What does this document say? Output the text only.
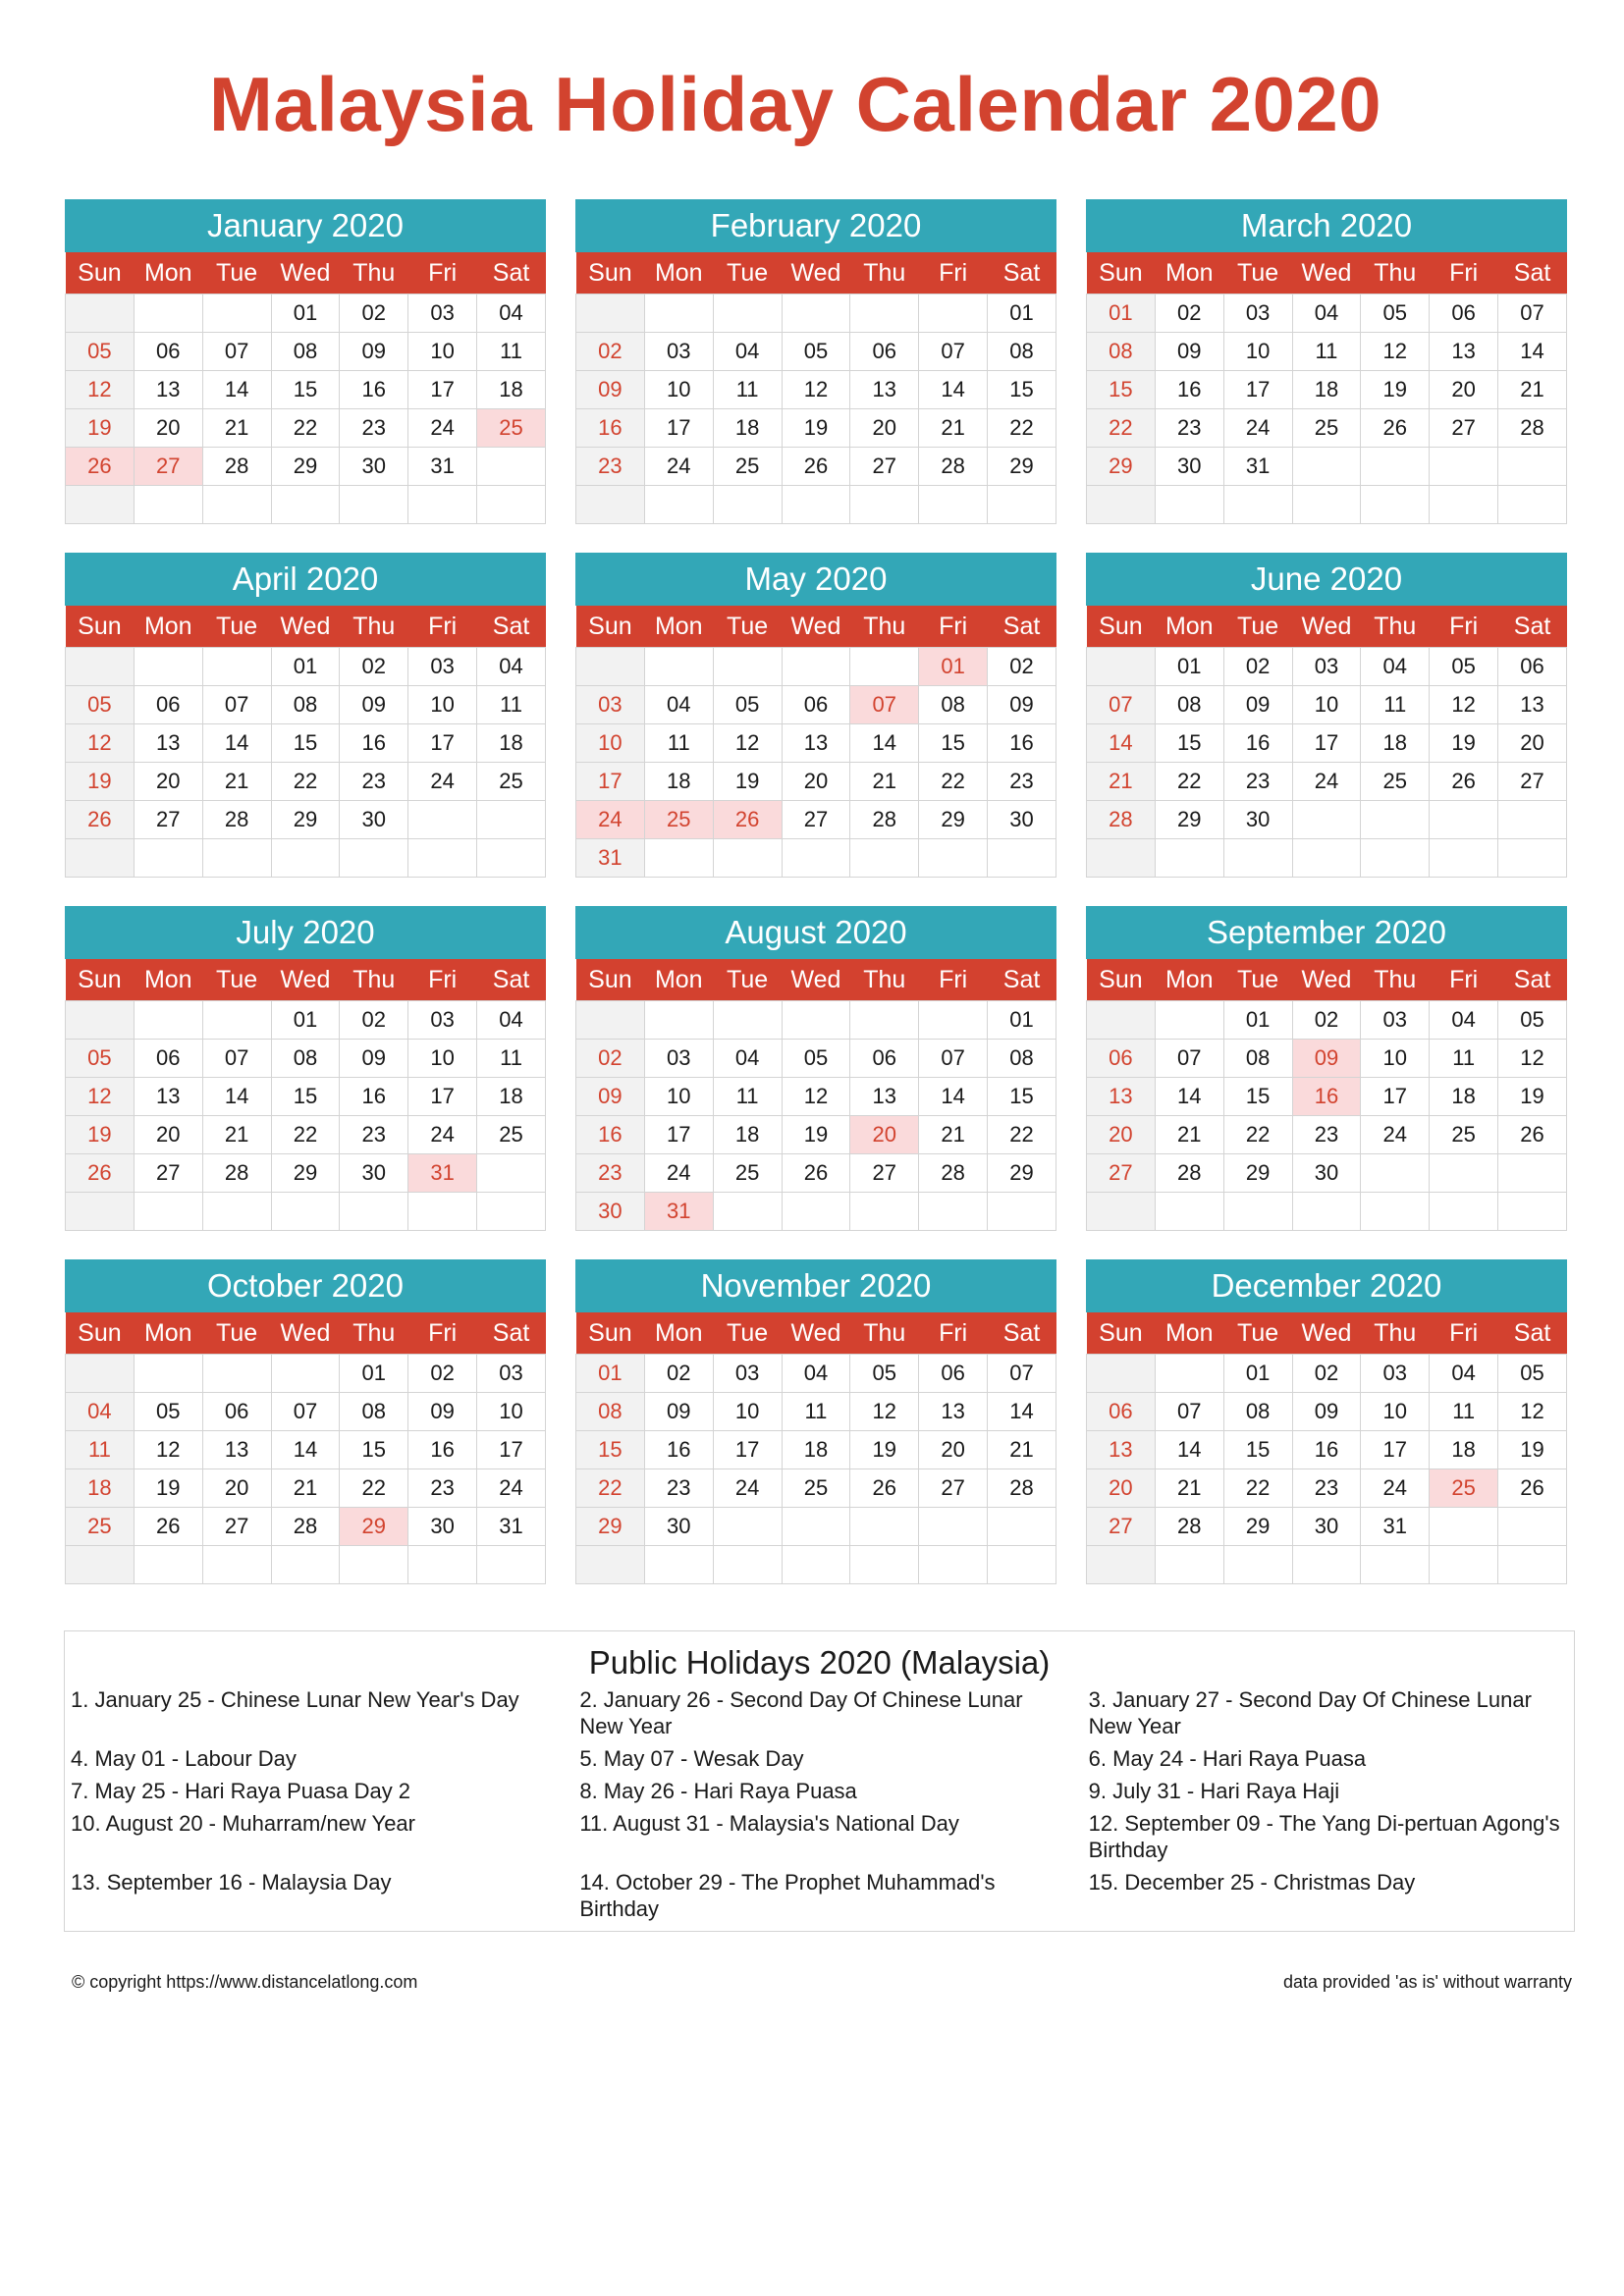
Malaysia Holiday Calendar 2020
January 2020
Sun	Mon	Tue	Wed	Thu	Fri	Sat
			01	02	03	04
05	06	07	08	09	10	11
12	13	14	15	16	17	18
19	20	21	22	23	24	25
26	27	28	29	30	31	

February 2020
Sun	Mon	Tue	Wed	Thu	Fri	Sat
						01
02	03	04	05	06	07	08
09	10	11	12	13	14	15
16	17	18	19	20	21	22
23	24	25	26	27	28	29

March 2020
Sun	Mon	Tue	Wed	Thu	Fri	Sat
01	02	03	04	05	06	07
08	09	10	11	12	13	14
15	16	17	18	19	20	21
22	23	24	25	26	27	28
29	30	31				

April 2020
Sun	Mon	Tue	Wed	Thu	Fri	Sat
			01	02	03	04
05	06	07	08	09	10	11
12	13	14	15	16	17	18
19	20	21	22	23	24	25
26	27	28	29	30		

May 2020
Sun	Mon	Tue	Wed	Thu	Fri	Sat
					01	02
03	04	05	06	07	08	09
10	11	12	13	14	15	16
17	18	19	20	21	22	23
24	25	26	27	28	29	30
31						
June 2020
Sun	Mon	Tue	Wed	Thu	Fri	Sat
	01	02	03	04	05	06
07	08	09	10	11	12	13
14	15	16	17	18	19	20
21	22	23	24	25	26	27
28	29	30				

July 2020
Sun	Mon	Tue	Wed	Thu	Fri	Sat
			01	02	03	04
05	06	07	08	09	10	11
12	13	14	15	16	17	18
19	20	21	22	23	24	25
26	27	28	29	30	31	

August 2020
Sun	Mon	Tue	Wed	Thu	Fri	Sat
						01
02	03	04	05	06	07	08
09	10	11	12	13	14	15
16	17	18	19	20	21	22
23	24	25	26	27	28	29
30	31					
September 2020
Sun	Mon	Tue	Wed	Thu	Fri	Sat
		01	02	03	04	05
06	07	08	09	10	11	12
13	14	15	16	17	18	19
20	21	22	23	24	25	26
27	28	29	30			

October 2020
Sun	Mon	Tue	Wed	Thu	Fri	Sat
				01	02	03
04	05	06	07	08	09	10
11	12	13	14	15	16	17
18	19	20	21	22	23	24
25	26	27	28	29	30	31

November 2020
Sun	Mon	Tue	Wed	Thu	Fri	Sat
01	02	03	04	05	06	07
08	09	10	11	12	13	14
15	16	17	18	19	20	21
22	23	24	25	26	27	28
29	30					

December 2020
Sun	Mon	Tue	Wed	Thu	Fri	Sat
		01	02	03	04	05
06	07	08	09	10	11	12
13	14	15	16	17	18	19
20	21	22	23	24	25	26
27	28	29	30	31		

Public Holidays 2020 (Malaysia)
1. January 25 - Chinese Lunar New Year's Day	2. January 26 - Second Day Of Chinese Lunar New Year
3. January 27 - Second Day Of Chinese Lunar New Year
4. May 01 - Labour Day	5. May 07 - Wesak Day	6. May 24 - Hari Raya Puasa
7. May 25 - Hari Raya Puasa Day 2	8. May 26 - Hari Raya Puasa	9. July 31 - Hari Raya Haji
10. August 20 - Muharram/new Year	11. August 31 - Malaysia's National Day	12. September 09 - The Yang Di-pertuan Agong's Birthday
13. September 16 - Malaysia Day	14. October 29 - The Prophet Muhammad's Birthday
15. December 25 - Christmas Day
© copyright https://www.distancelatlong.com	data provided 'as is' without warranty
